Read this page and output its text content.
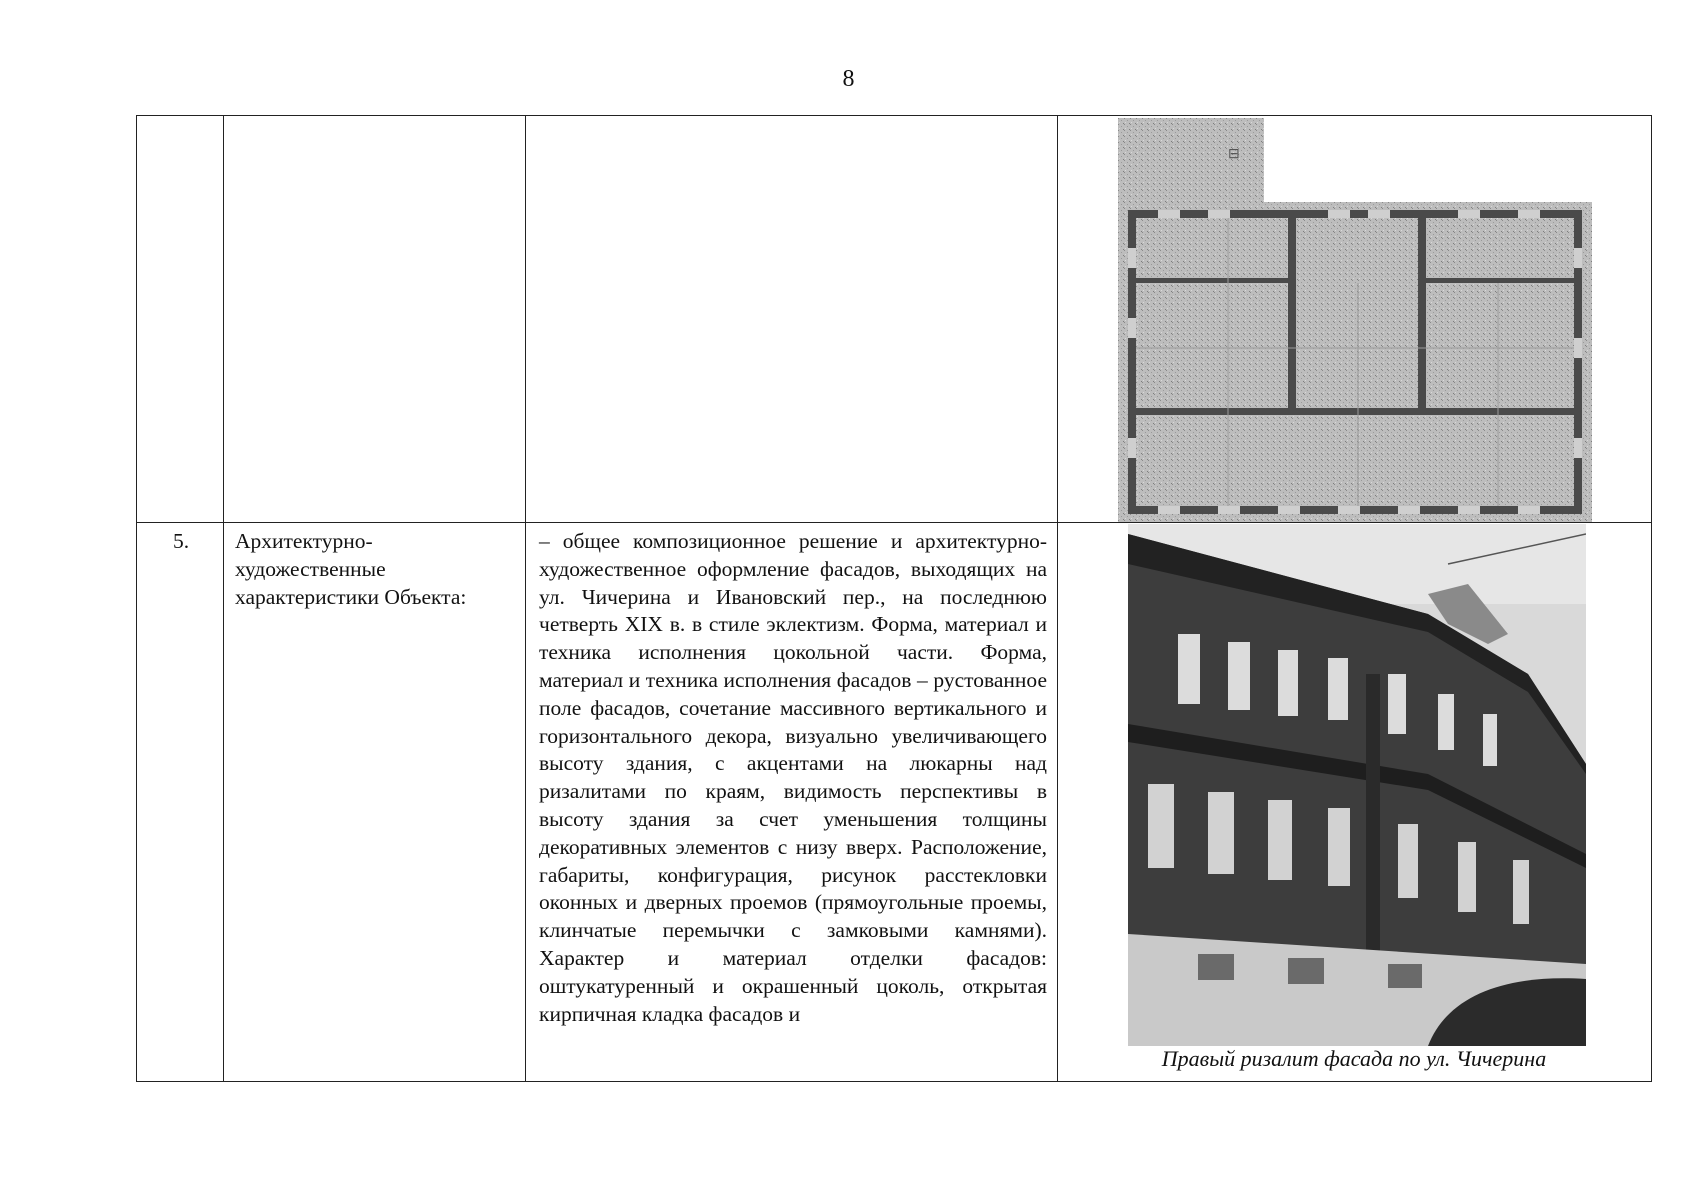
8
5.	Архитектурно-художественные характеристики Объекта:
– общее композиционное решение и архитектурно-художественное оформление фасадов, выходящих на ул. Чичерина и Ивановский пер., на последнюю четверть XIX в. в стиле эклектизм. Форма, материал и техника исполнения цокольной части. Форма, материал и техника исполнения фасадов – рустованное поле фасадов, сочетание массивного вертикального и горизонтального декора, визуально увеличивающего высоту здания, с акцентами на люкарны над ризалитами по краям, видимость перспективы в высоту здания за счет уменьшения толщины декоративных элементов с низу вверх. Расположение, габариты, конфигурация, рисунок расстекловки оконных и дверных проемов (прямоугольные проемы, клинчатые перемычки с замковыми камнями). Характер и материал отделки фасадов: оштукатуренный и окрашенный цоколь, открытая кирпичная кладка фасадов и
⊟
Правый ризалит фасада по ул. Чичерина
